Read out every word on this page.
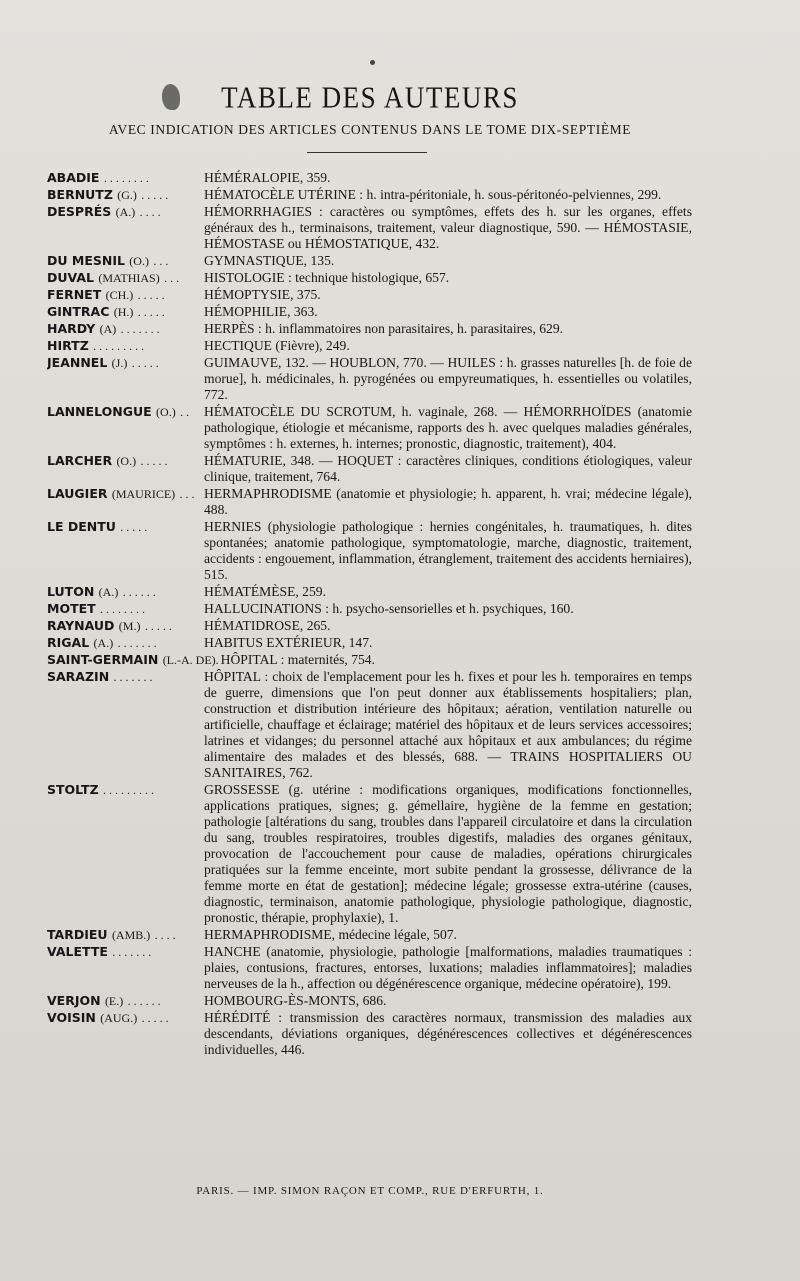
TABLE DES AUTEURS
AVEC INDICATION DES ARTICLES CONTENUS DANS LE TOME DIX-SEPTIÈME
ABADIE . . . . . . . .	HÉMÉRALOPIE, 359.
BERNUTZ (G.) . . . . .	HÉMATOCÈLE UTÉRINE : h. intra-péritoniale, h. sous-péritonéo-pelviennes, 299.
DESPRÉS (A.) . . . .	HÉMORRHAGIES : caractères ou symptômes, effets des h. sur les organes, effets généraux des h., terminaisons, traitement, valeur diagnostique, 590. — HÉMOSTASIE, HÉMOSTASE ou HÉMOSTATIQUE, 432.
DU MESNIL (O.) . . .	GYMNASTIQUE, 135.
DUVAL (MATHIAS) . . .	HISTOLOGIE : technique histologique, 657.
FERNET (CH.) . . . . .	HÉMOPTYSIE, 375.
GINTRAC (H.) . . . . .	HÉMOPHILIE, 363.
HARDY (A) . . . . . . .	HERPÈS : h. inflammatoires non parasitaires, h. parasitaires, 629.
HIRTZ . . . . . . . . .	HECTIQUE (Fièvre), 249.
JEANNEL (J.) . . . . .	GUIMAUVE, 132. — HOUBLON, 770. — HUILES : h. grasses naturelles [h. de foie de morue], h. médicinales, h. pyrogénées ou empyreumatiques, h. essentielles ou volatiles, 772.
LANNELONGUE (O.) . .	HÉMATOCÈLE DU SCROTUM, h. vaginale, 268. — HÉMORRHOÏDES (anatomie pathologique, étiologie et mécanisme, rapports des h. avec quelques maladies générales, symptômes : h. externes, h. internes; pronostic, diagnostic, traitement), 404.
LARCHER (O.) . . . . .	HÉMATURIE, 348. — HOQUET : caractères cliniques, conditions étiologiques, valeur clinique, traitement, 764.
LAUGIER (MAURICE) . . . HERMAPHRODISME (anatomie et physiologie; h. apparent, h. vrai; médecine légale), 488.
LE DENTU . . . . .	HERNIES (physiologie pathologique : hernies congénitales, h. traumatiques, h. dites spontanées; anatomie pathologique, symptomatologie, marche, diagnostic, traitement, accidents : engouement, inflammation, étranglement, traitement des accidents herniaires), 515.
LUTON (A.) . . . . . .	HÉMATÉMÈSE, 259.
MOTET . . . . . . . .	HALLUCINATIONS : h. psycho-sensorielles et h. psychiques, 160.
RAYNAUD (M.) . . . . .	HÉMATIDROSE, 265.
RIGAL (A.) . . . . . . .	HABITUS EXTÉRIEUR, 147.
SAINT-GERMAIN (L.-A. DE). HÔPITAL : maternités, 754.
SARAZIN . . . . . . .	HÔPITAL : choix de l'emplacement pour les h. fixes et pour les h. temporaires en temps de guerre, dimensions que l'on peut donner aux établissements hospitaliers; plan, construction et distribution intérieure des hôpitaux; aération, ventilation naturelle ou artificielle, chauffage et éclairage; matériel des hôpitaux et de leurs services accessoires; latrines et vidanges; du personnel attaché aux hôpitaux et aux ambulances; du régime alimentaire des malades et des blessés, 688. — TRAINS HOSPITALIERS OU SANITAIRES, 762.
STOLTZ . . . . . . . . .	GROSSESSE (g. utérine : modifications organiques, modifications fonctionnelles, applications pratiques, signes; g. gémellaire, hygiène de la femme en gestation; pathologie [altérations du sang, troubles dans l'appareil circulatoire et dans la circulation du sang, troubles respiratoires, troubles digestifs, maladies des organes génitaux, provocation de l'accouchement pour cause de maladies, opérations chirurgicales pratiquées sur la femme enceinte, mort subite pendant la grossesse, délivrance de la femme morte en état de gestation]; médecine légale; grossesse extra-utérine (causes, diagnostic, terminaison, anatomie pathologique, physiologie pathologique, diagnostic, pronostic, thérapie, prophylaxie), 1.
TARDIEU (AMB.) . . . .	HERMAPHRODISME, médecine légale, 507.
VALETTE . . . . . . .	HANCHE (anatomie, physiologie, pathologie [malformations, maladies traumatiques : plaies, contusions, fractures, entorses, luxations; maladies inflammatoires]; maladies nerveuses de la h., affection ou dégénérescence organique, médecine opératoire), 199.
VERJON (E.) . . . . . .	HOMBOURG-ÈS-MONTS, 686.
VOISIN (AUG.) . . . . .	HÉRÉDITÉ : transmission des caractères normaux, transmission des maladies aux descendants, déviations organiques, dégénérescences collectives et dégénérescences individuelles, 446.
PARIS. — IMP. SIMON RAÇON ET COMP., RUE D'ERFURTH, 1.
